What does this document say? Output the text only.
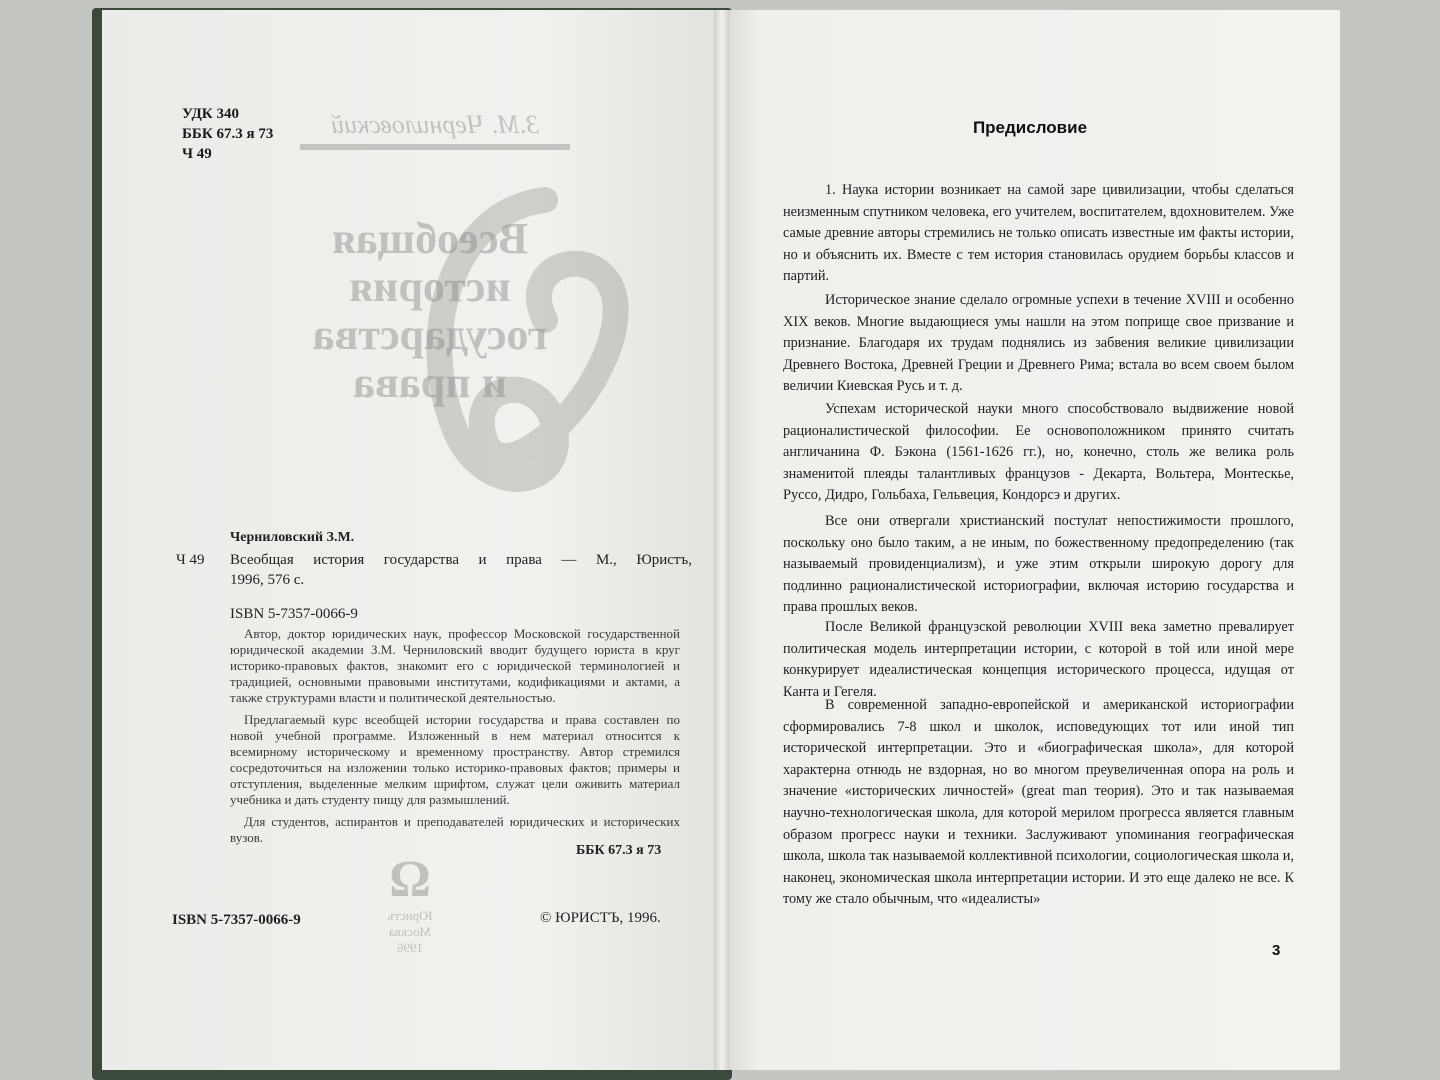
УДК 340
ББК 67.3 я 73
Ч 49
З.М. Черниловский
Всеобщая
история
государства
и права
Ω
Юристъ
Москва
1996
Черниловский З.М.
Ч 49 Всеобщая история государства и права — М., Юристъ,
1996, 576 с.
ISBN 5-7357-0066-9
Автор, доктор юридических наук, профессор Московской государственной юридической академии З.М. Черниловский вводит будущего юриста в круг историко-правовых фактов, знакомит его с юридической терминологией и традицией, основными правовыми институтами, кодификациями и актами, а также структурами власти и политической деятельностью.
Предлагаемый курс всеобщей истории государства и права составлен по новой учебной программе. Изложенный в нем материал относится к всемирному историческому и временному пространству. Автор стремился сосредоточиться на изложении только историко-правовых фактов; примеры и отступления, выделенные мелким шрифтом, служат цели оживить материал учебника и дать студенту пищу для размышлений.
Для студентов, аспирантов и преподавателей юридических и исторических вузов.
ББК 67.3 я 73
ISBN 5-7357-0066-9	© ЮРИСТЪ, 1996.
Предисловие
1. Наука истории возникает на самой заре цивилизации, чтобы сделаться неизменным спутником человека, его учителем, воспитателем, вдохновителем. Уже самые древние авторы стремились не только описать известные им факты истории, но и объяснить их. Вместе с тем история становилась орудием борьбы классов и партий.
Историческое знание сделало огромные успехи в течение XVIII и особенно XIX веков. Многие выдающиеся умы нашли на этом поприще свое призвание и признание. Благодаря их трудам поднялись из забвения великие цивилизации Древнего Востока, Древней Греции и Древнего Рима; встала во всем своем былом величии Киевская Русь и т. д.
Успехам исторической науки много способствовало выдвижение новой рационалистической философии. Ее основоположником принято считать англичанина Ф. Бэкона (1561-1626 гг.), но, конечно, столь же велика роль знаменитой плеяды талантливых французов - Декарта, Вольтера, Монтескье, Руссо, Дидро, Гольбаха, Гельвеция, Кондорсэ и других.
Все они отвергали христианский постулат непостижимости прошлого, поскольку оно было таким, а не иным, по божественному предопределению (так называемый провиденциализм), и уже этим открыли широкую дорогу для подлинно рационалистической историографии, включая историю государства и права прошлых веков.
После Великой французской революции XVIII века заметно превалирует политическая модель интерпретации истории, с которой в той или иной мере конкурирует идеалистическая концепция исторического процесса, идущая от Канта и Гегеля.
В современной западно-европейской и американской историографии сформировались 7-8 школ и школок, исповедующих тот или иной тип исторической интерпретации. Это и «биографическая школа», для которой характерна отнюдь не вздорная, но во многом преувеличенная опора на роль и значение «исторических личностей» (great man теория). Это и так называемая научно-технологическая школа, для которой мерилом прогресса является главным образом прогресс науки и техники. Заслуживают упоминания географическая школа, школа так называемой коллективной психологии, социологическая школа и, наконец, экономическая школа интерпретации истории. И это еще далеко не все. К тому же стало обычным, что «идеалисты»
3
